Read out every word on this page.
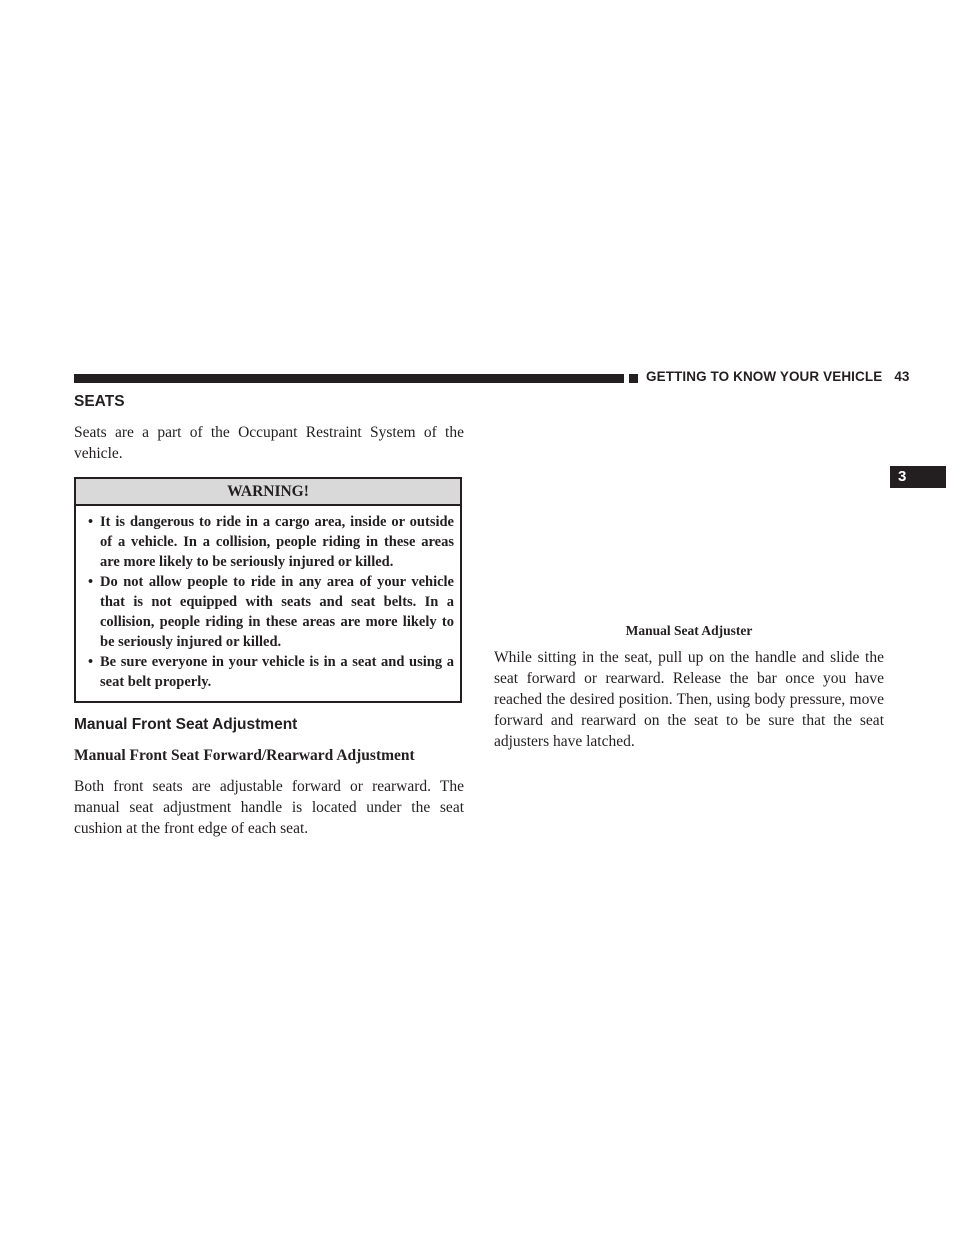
GETTING TO KNOW YOUR VEHICLE 43
3
SEATS

Seats are a part of the Occupant Restraint System of the vehicle.

WARNING!
• It is dangerous to ride in a cargo area, inside or outside of a vehicle. In a collision, people riding in these areas are more likely to be seriously injured or killed.
• Do not allow people to ride in any area of your vehicle that is not equipped with seats and seat belts. In a collision, people riding in these areas are more likely to be seriously injured or killed.
• Be sure everyone in your vehicle is in a seat and using a seat belt properly.
Manual Front Seat Adjustment

Manual Front Seat Forward/Rearward Adjustment

Both front seats are adjustable forward or rearward. The manual seat adjustment handle is located under the seat cushion at the front edge of each seat.

Manual Seat Adjuster

While sitting in the seat, pull up on the handle and slide the seat forward or rearward. Release the bar once you have reached the desired position. Then, using body pressure, move forward and rearward on the seat to be sure that the seat adjusters have latched.
